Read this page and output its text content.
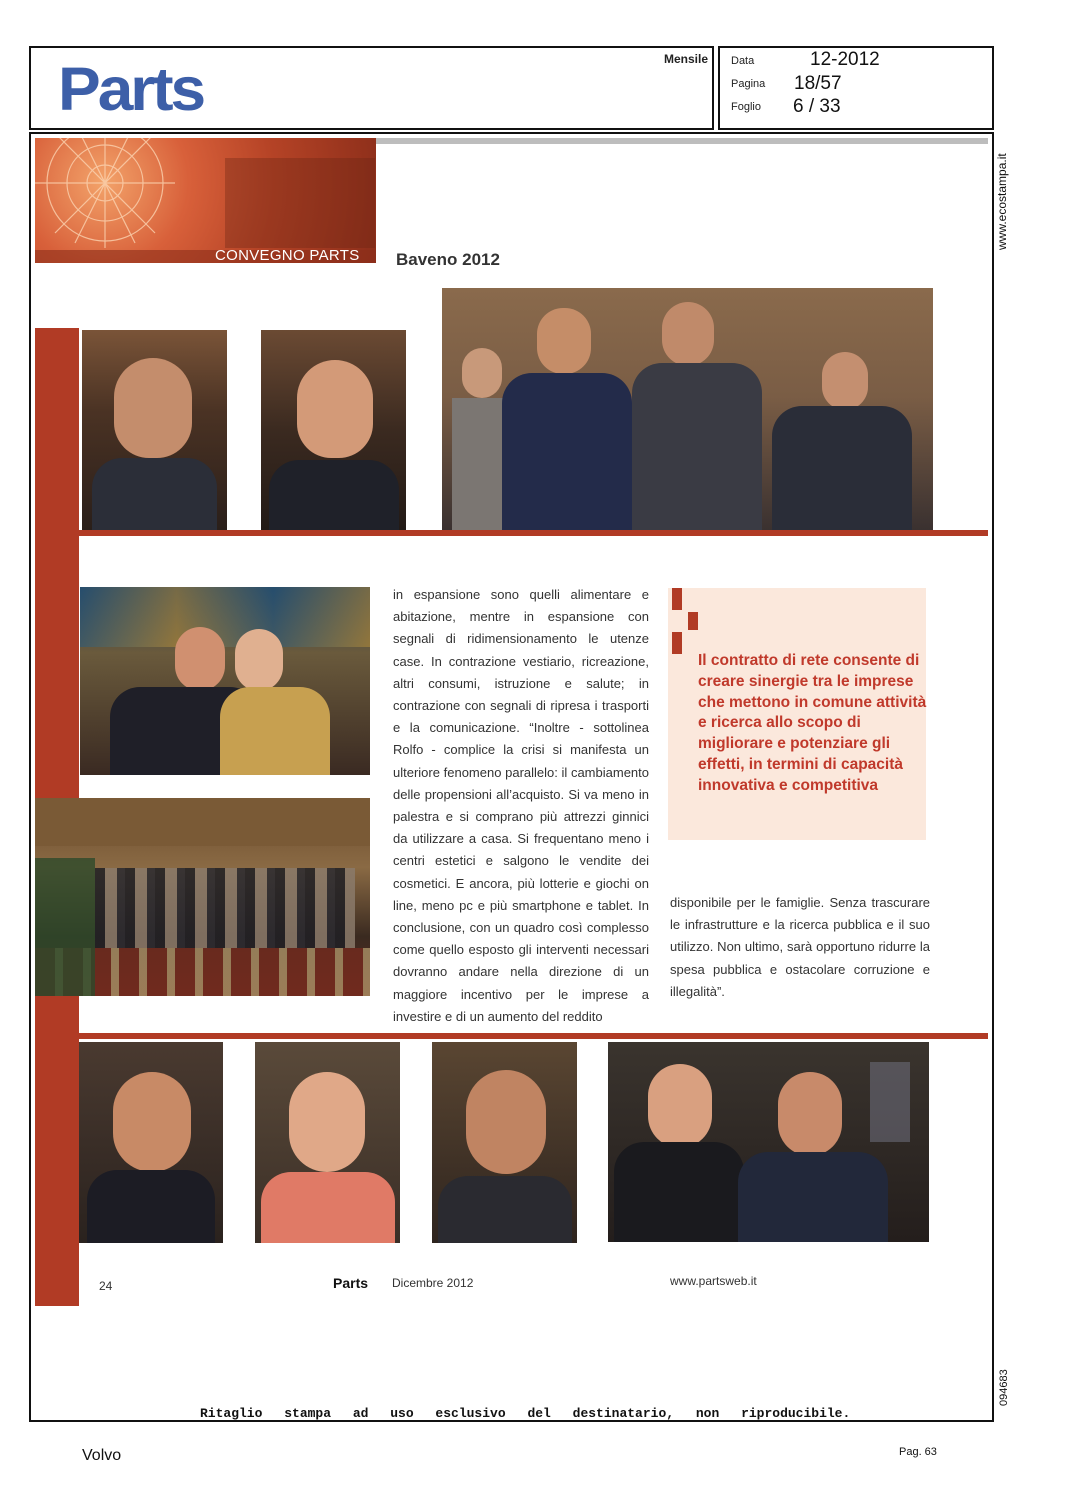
Parts	Mensile Data	12-2012
Pagina 18/57
Foglio 6 / 33
www.ecostampa.it
094683
CONVEGNO PARTS Baveno 2012
in espansione sono quelli alimentare e abitazione, mentre in espansione con segnali di ridimensionamento le utenze case. In contrazione vestiario, ricreazione, altri consumi, istruzione e salute; in contrazione con segnali di ripresa i trasporti e la comunicazione. “Inoltre - sottolinea Rolfo - complice la crisi si manifesta un ulteriore fenomeno parallelo: il cambiamento delle propensioni all’acquisto. Si va meno in palestra e si comprano più attrezzi ginnici da utilizzare a casa. Si frequentano meno i centri estetici e salgono le vendite dei cosmetici. E ancora, più lotterie e giochi on line, meno pc e più smartphone e tablet. In conclusione, con un quadro così complesso come quello esposto gli interventi necessari dovranno andare nella direzione di un maggiore incentivo per le imprese a investire e di un aumento del reddito
Il contratto di rete consente di creare sinergie tra le imprese che mettono in comune attività e ricerca allo scopo di migliorare e potenziare gli effetti, in termini di capacità innovativa e competitiva
disponibile per le famiglie. Senza trascurare le infrastrutture e la ricerca pubblica e il suo utilizzo. Non ultimo, sarà opportuno ridurre la spesa pubblica e ostacolare corruzione e illegalità”.
24	Parts Dicembre 2012	www.partsweb.it
Ritaglio stampa ad uso esclusivo del destinatario, non riproducibile.
Volvo	Pag. 63
